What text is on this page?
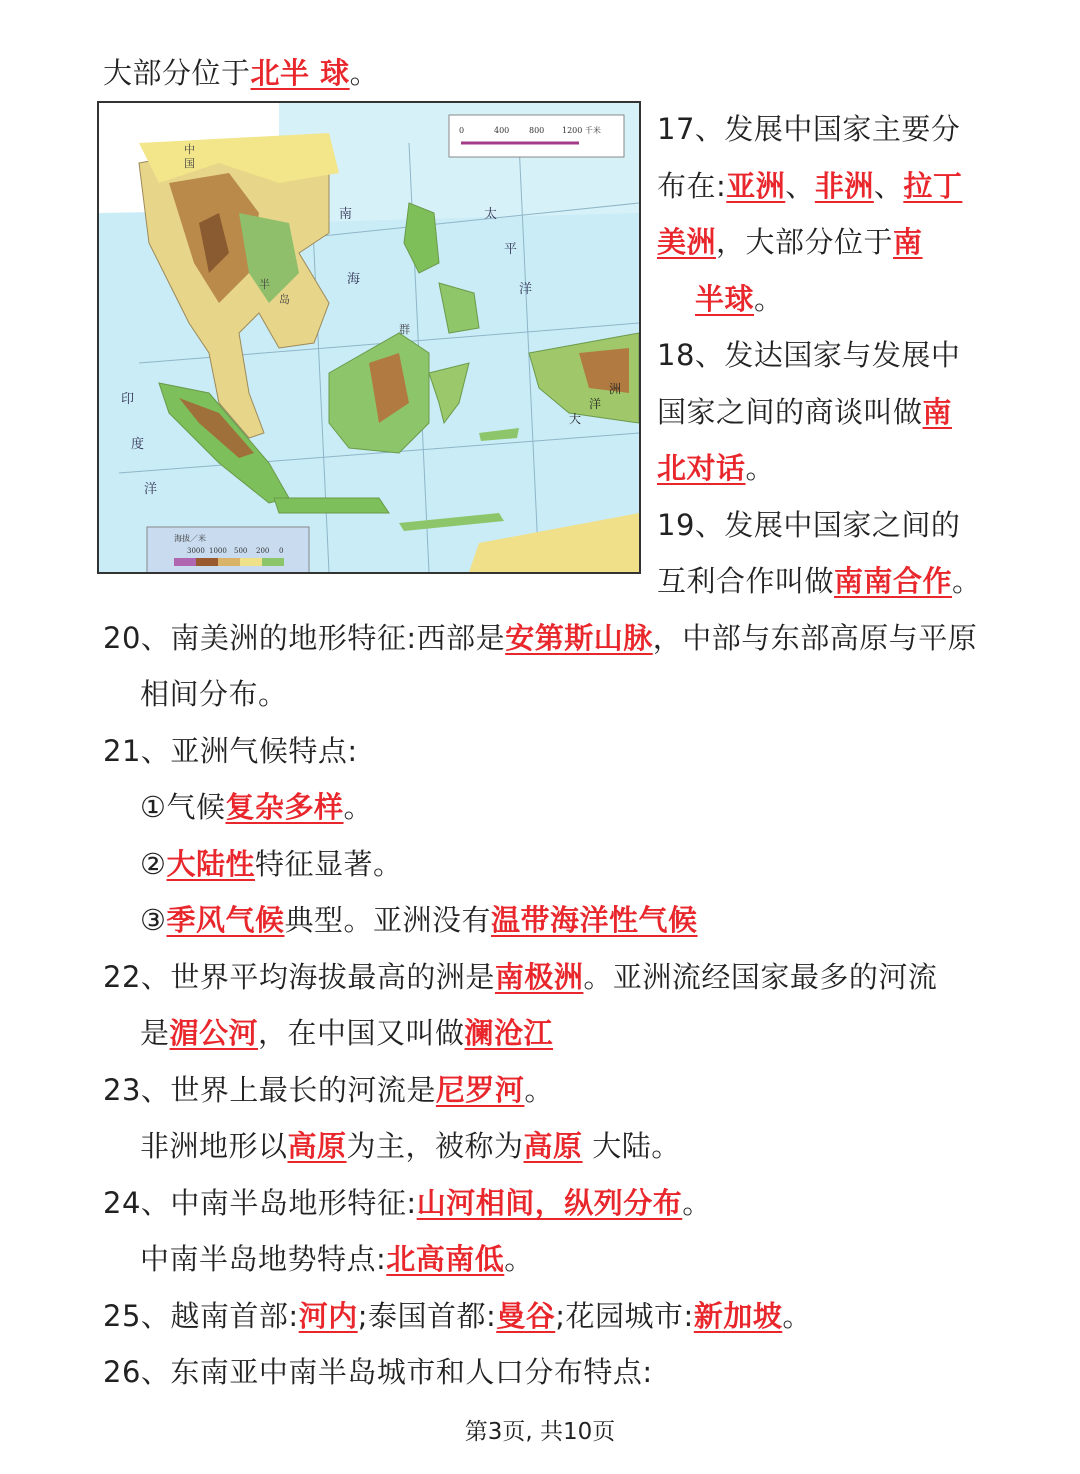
大部分位于北半 球。
0	400 800 1200 千米
海拔／米
3000 1000 500 200 0
中
国
南
海
太
平
洋
半
岛
群
印
度
洋
大
洋
洲
17、发展中国家主要分
布在:亚洲、非洲、拉丁
美洲，大部分位于南
半球。
18、发达国家与发展中
国家之间的商谈叫做南
北对话。
19、发展中国家之间的
互利合作叫做南南合作。
20、南美洲的地形特征:西部是安第斯山脉，中部与东部高原与平原
相间分布。
21、亚洲气候特点:
①气候复杂多样。
②大陆性特征显著。
③季风气候典型。亚洲没有温带海洋性气候
22、世界平均海拔最高的洲是南极洲。亚洲流经国家最多的河流
是湄公河，在中国又叫做澜沧江
23、世界上最长的河流是尼罗河。
非洲地形以高原为主，被称为高原 大陆。
24、中南半岛地形特征:山河相间，纵列分布。
中南半岛地势特点:北高南低。
25、越南首部:河内;泰国首都:曼谷;花园城市:新加坡。
26、东南亚中南半岛城市和人口分布特点:
第3页, 共10页
